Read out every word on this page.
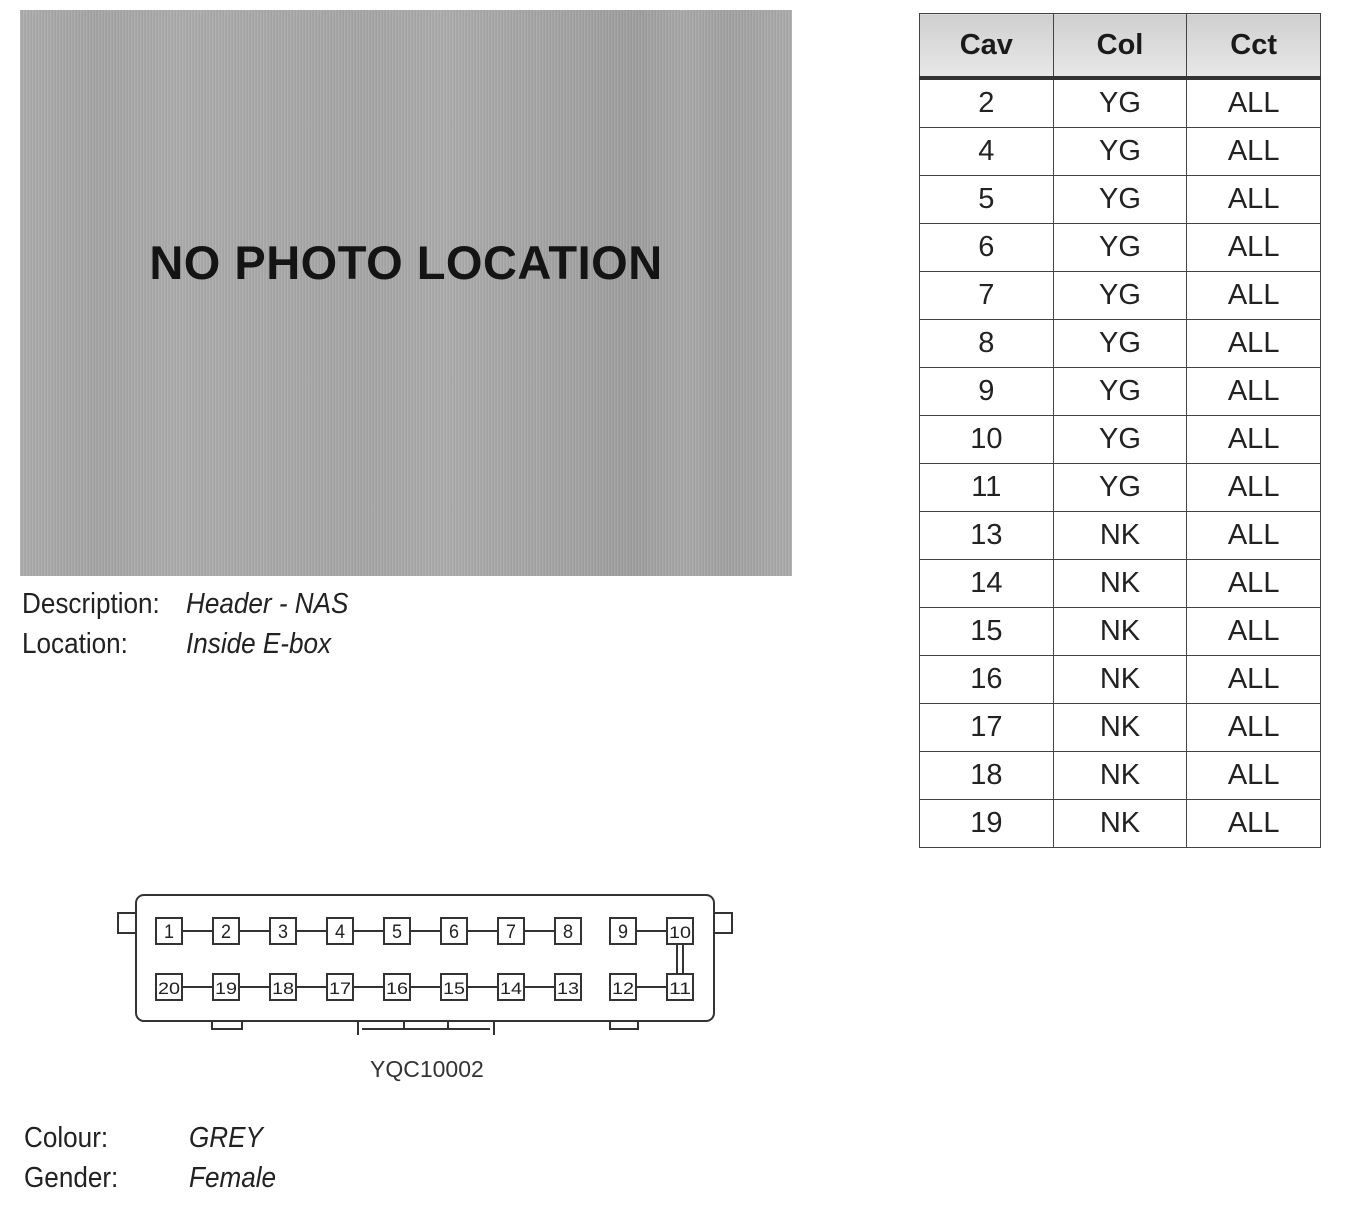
NO PHOTO LOCATION
Description: Header - NAS
Location:	Inside E-box
Cav	Col	Cct
2	YG	ALL
4	YG	ALL
5	YG	ALL
6	YG	ALL
7	YG	ALL
8	YG	ALL
9	YG	ALL
10	YG	ALL
11	YG	ALL
13	NK	ALL
14	NK	ALL
15	NK	ALL
16	NK	ALL
17	NK	ALL
18	NK	ALL
19	NK	ALL
1 2 3 4 5 6 7 8 9 10
20 19 18 17 16 15 14 13 12 11
YQC10002
Colour:	GREY
Gender:	Female
